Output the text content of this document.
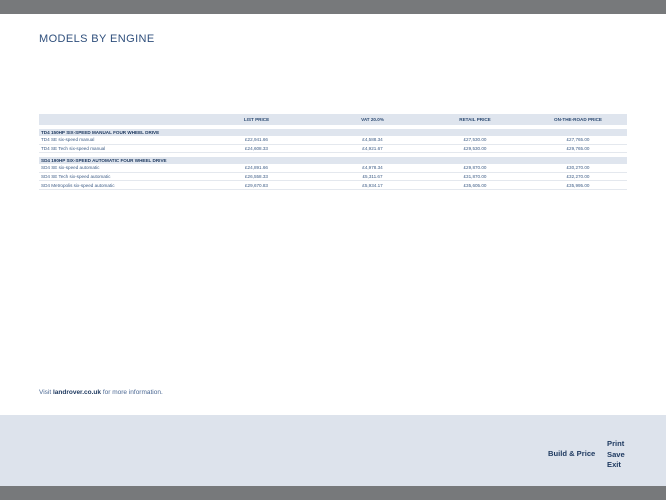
MODELS BY ENGINE
	LIST PRICE	VAT 20.0%	RETAIL PRICE	ON-THE-ROAD PRICE

TD4 150HP SIX-SPEED MANUAL FOUR WHEEL DRIVE				
TD4 SE six-speed manual	£22,941.66	£4,588.34	£27,530.00	£27,765.00
TD4 SE Tech six-speed manual	£24,608.33	£4,921.67	£29,530.00	£29,765.00

SD4 190HP SIX-SPEED AUTOMATIC FOUR WHEEL DRIVE				
SD4 SE six-speed automatic	£24,891.66	£4,978.34	£29,870.00	£30,270.00
SD4 SE Tech six-speed automatic	£26,558.33	£5,311.67	£31,870.00	£32,270.00
SD4 Metropolis six-speed automatic	£29,670.83	£5,934.17	£35,605.00	£35,995.00
Visit landrover.co.uk for more information.
Build & Price
Print
Save
Exit
